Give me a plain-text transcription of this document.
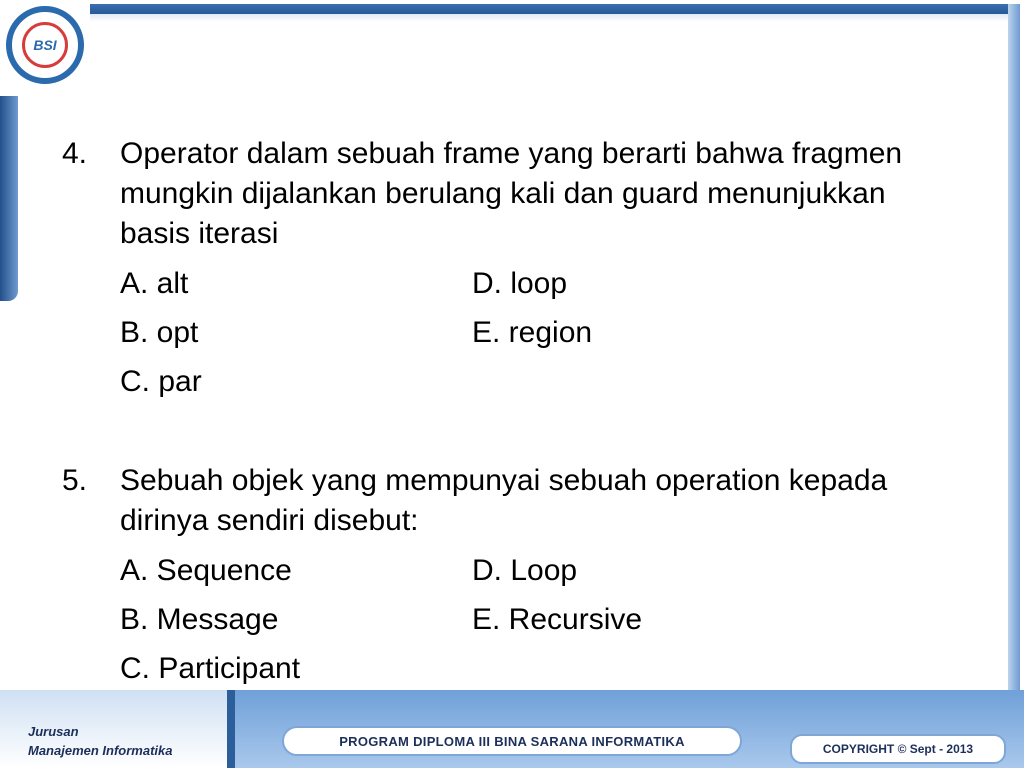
BSI
4. Operator dalam sebuah frame yang berarti bahwa fragmen mungkin dijalankan berulang kali dan guard menunjukkan basis iterasi
A. alt	D. loop
B. opt	E. region
C. par
5. Sebuah objek yang mempunyai sebuah operation kepada dirinya sendiri disebut:
A. Sequence	D. Loop
B. Message	E. Recursive
C. Participant
Jurusan
Manajemen Informatika
PROGRAM DIPLOMA III BINA SARANA INFORMATIKA
COPYRIGHT © Sept - 2013
